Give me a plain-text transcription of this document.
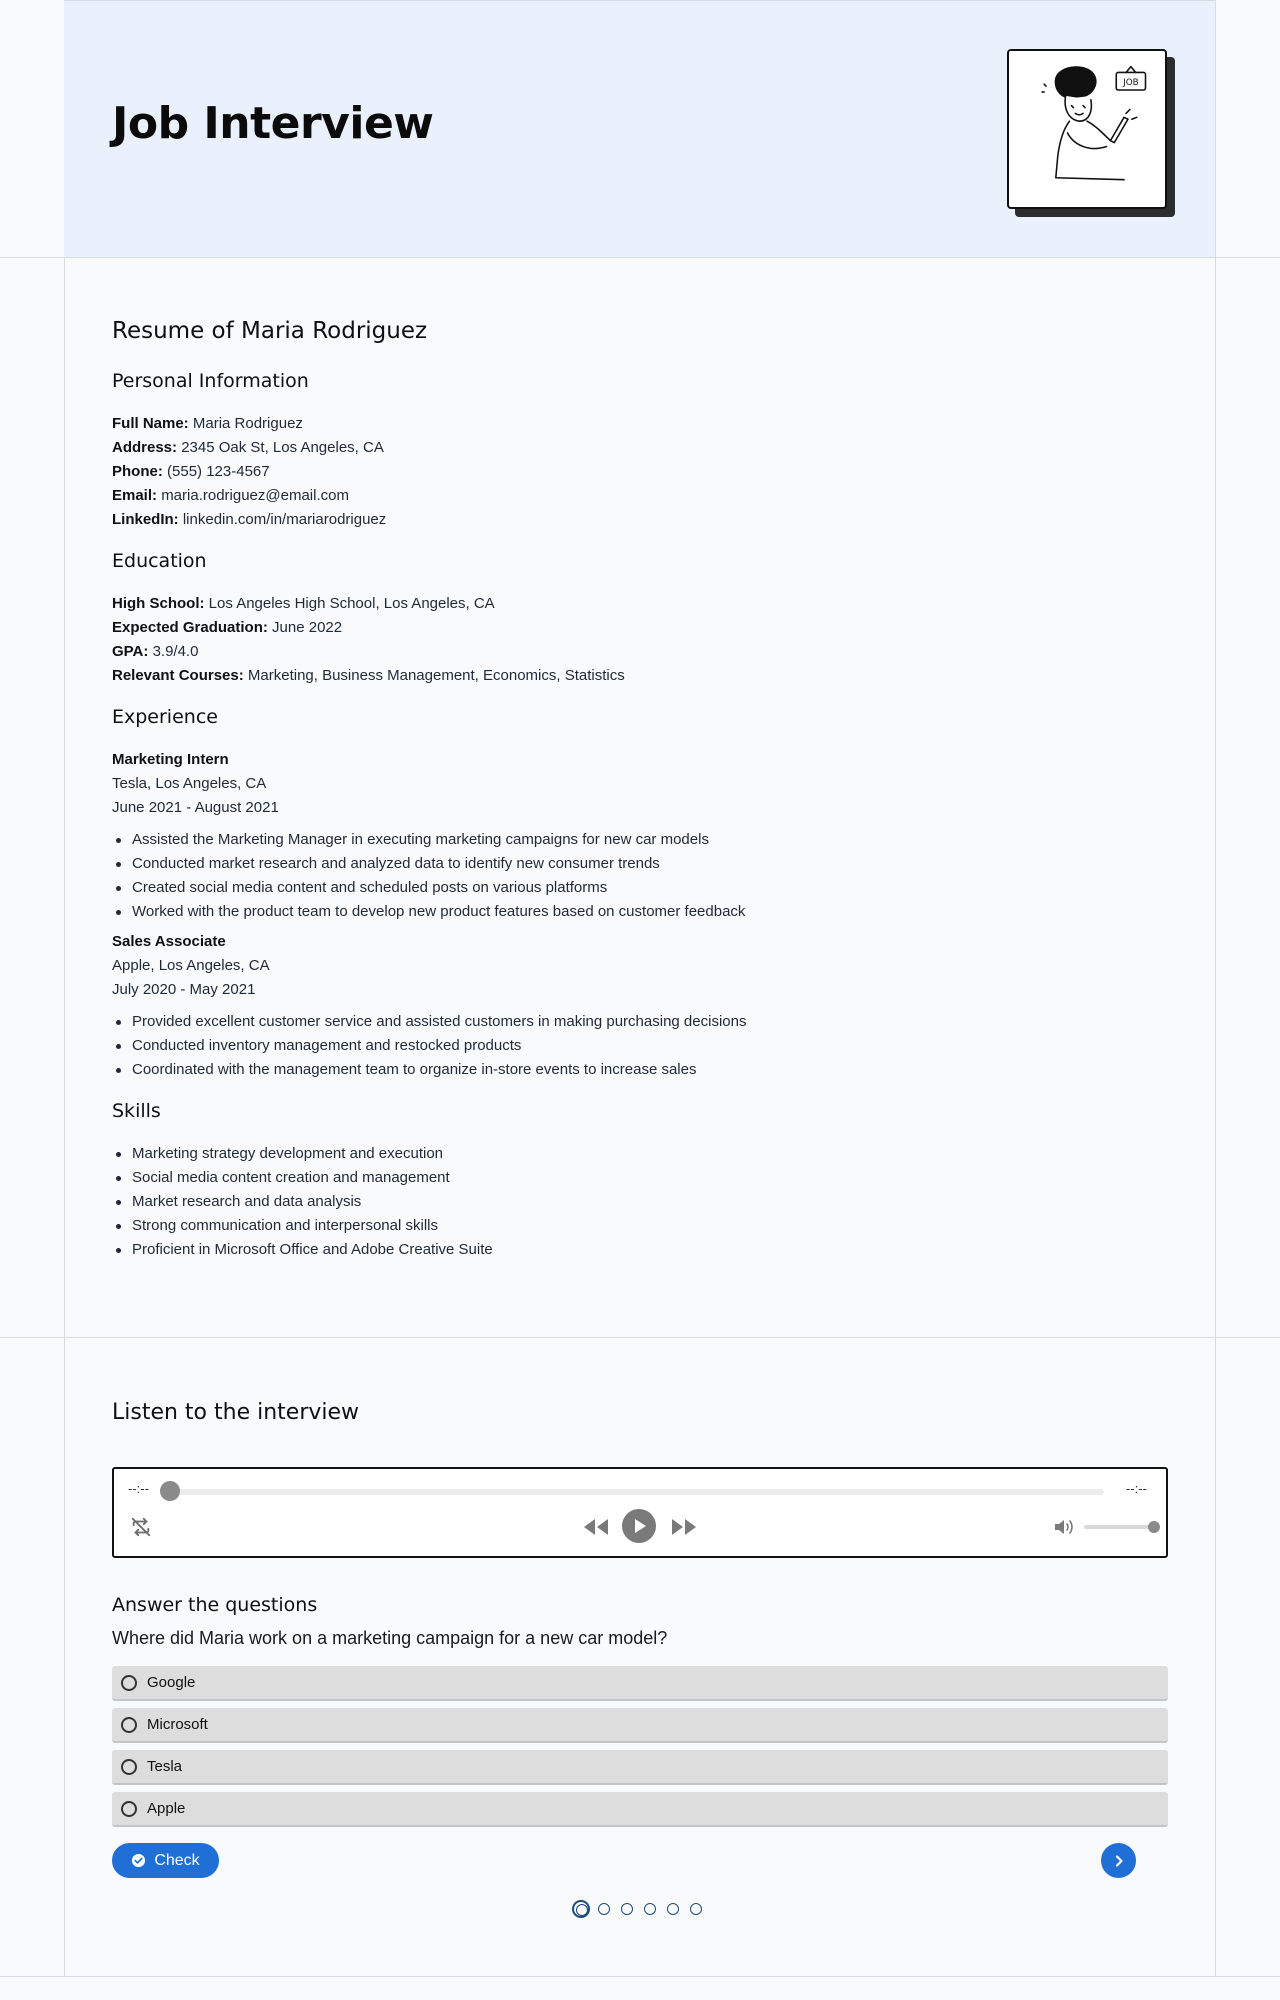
Job Interview
JOB
Resume of Maria Rodriguez
Personal Information
Full Name: Maria Rodriguez
Address: 2345 Oak St, Los Angeles, CA
Phone: (555) 123-4567
Email: maria.rodriguez@email.com
LinkedIn: linkedin.com/in/mariarodriguez
Education
High School: Los Angeles High School, Los Angeles, CA
Expected Graduation: June 2022
GPA: 3.9/4.0
Relevant Courses: Marketing, Business Management, Economics, Statistics
Experience
Marketing Intern
Tesla, Los Angeles, CA
June 2021 - August 2021
Assisted the Marketing Manager in executing marketing campaigns for new car models
Conducted market research and analyzed data to identify new consumer trends
Created social media content and scheduled posts on various platforms
Worked with the product team to develop new product features based on customer feedback
Sales Associate
Apple, Los Angeles, CA
July 2020 - May 2021
Provided excellent customer service and assisted customers in making purchasing decisions
Conducted inventory management and restocked products
Coordinated with the management team to organize in-store events to increase sales
Skills
Marketing strategy development and execution
Social media content creation and management
Market research and data analysis
Strong communication and interpersonal skills
Proficient in Microsoft Office and Adobe Creative Suite
Listen to the interview
--:--	--:--
Answer the questions
Where did Maria work on a marketing campaign for a new car model?
Google
Microsoft
Tesla
Apple
Check
